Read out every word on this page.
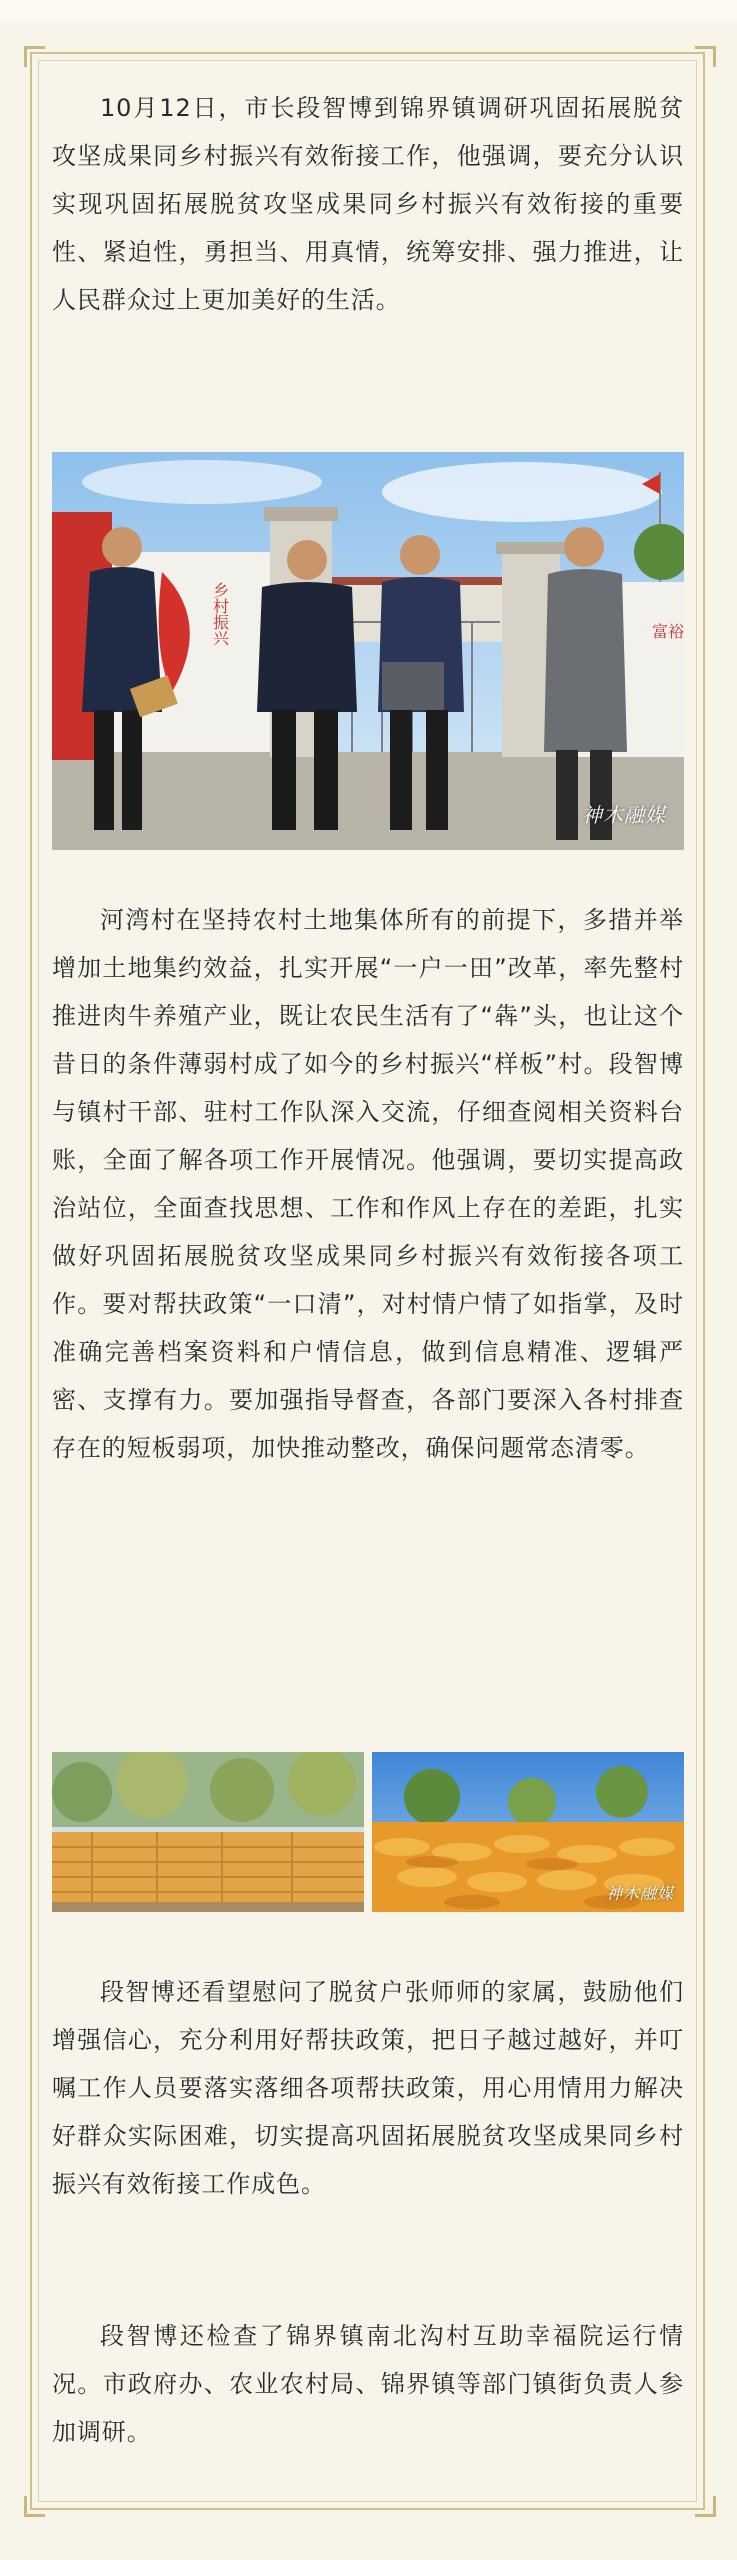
10月12日，市长段智博到锦界镇调研巩固拓展脱贫攻坚成果同乡村振兴有效衔接工作，他强调，要充分认识实现巩固拓展脱贫攻坚成果同乡村振兴有效衔接的重要性、紧迫性，勇担当、用真情，统筹安排、强力推进，让人民群众过上更加美好的生活。

乡村振兴	富裕
神木融媒

河湾村在坚持农村土地集体所有的前提下，多措并举增加土地集约效益，扎实开展“一户一田”改革，率先整村推进肉牛养殖产业，既让农民生活有了“犇”头，也让这个昔日的条件薄弱村成了如今的乡村振兴“样板”村。段智博与镇村干部、驻村工作队深入交流，仔细查阅相关资料台账，全面了解各项工作开展情况。他强调，要切实提高政治站位，全面查找思想、工作和作风上存在的差距，扎实做好巩固拓展脱贫攻坚成果同乡村振兴有效衔接各项工作。要对帮扶政策“一口清”，对村情户情了如指掌，及时准确完善档案资料和户情信息，做到信息精准、逻辑严密、支撑有力。要加强指导督查，各部门要深入各村排查存在的短板弱项，加快推动整改，确保问题常态清零。

神木融媒

段智博还看望慰问了脱贫户张师师的家属，鼓励他们增强信心，充分利用好帮扶政策，把日子越过越好，并叮嘱工作人员要落实落细各项帮扶政策，用心用情用力解决好群众实际困难，切实提高巩固拓展脱贫攻坚成果同乡村振兴有效衔接工作成色。

段智博还检查了锦界镇南北沟村互助幸福院运行情况。市政府办、农业农村局、锦界镇等部门镇街负责人参加调研。
